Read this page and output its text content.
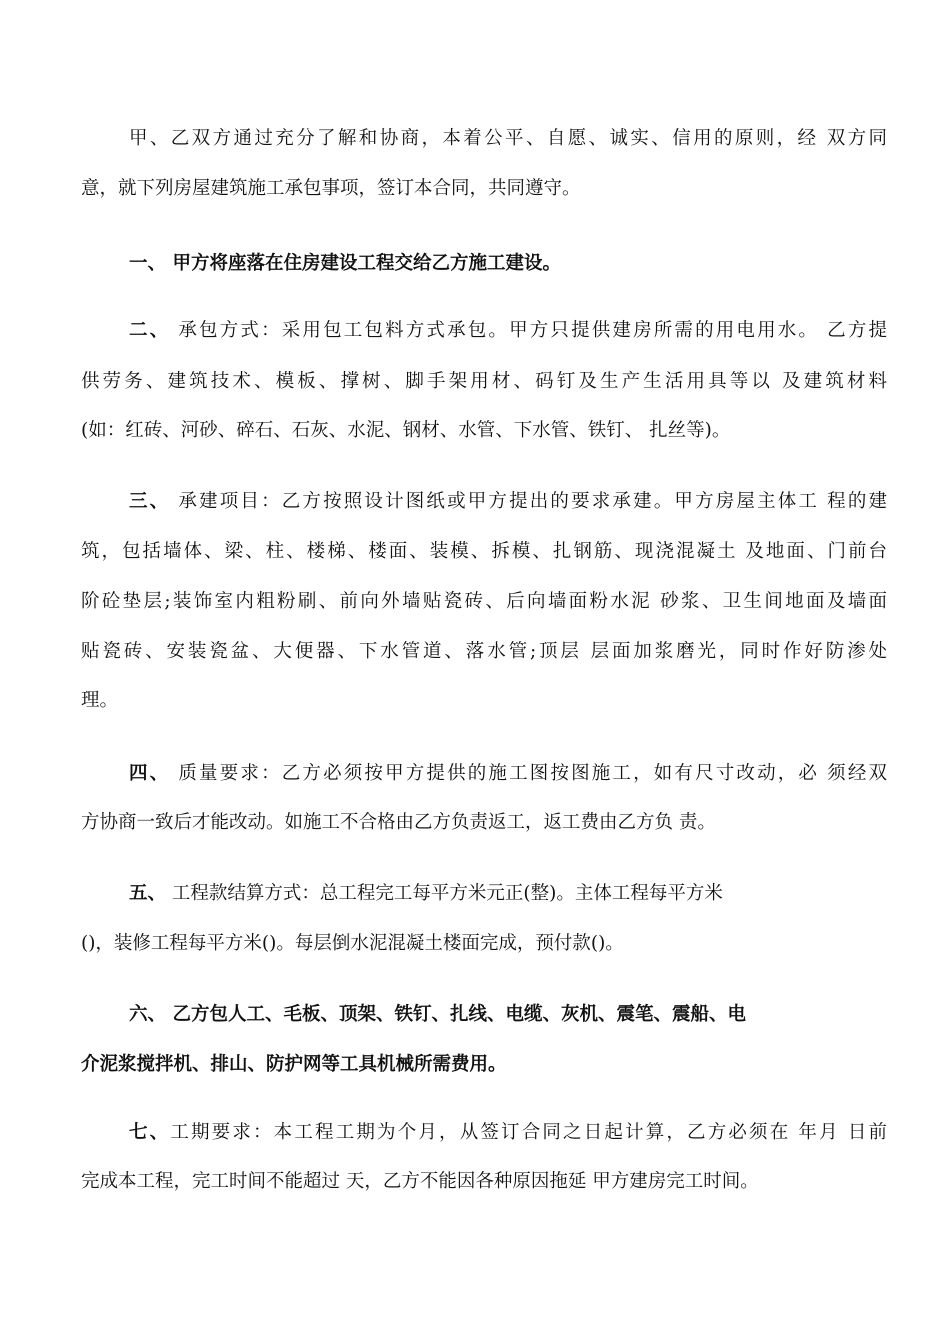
甲、乙双方通过充分了解和协商，本着公平、自愿、诚实、信用的原则，经 双方同
意，就下列房屋建筑施工承包事项，签订本合同，共同遵守。
一、 甲方将座落在住房建设工程交给乙方施工建设。
二、 承包方式：采用包工包料方式承包。甲方只提供建房所需的用电用水。 乙方提
供劳务、建筑技术、模板、撑树、脚手架用材、码钉及生产生活用具等以 及建筑材料
(如：红砖、河砂、碎石、石灰、水泥、钢材、水管、下水管、铁钉、 扎丝等)。
三、 承建项目：乙方按照设计图纸或甲方提出的要求承建。甲方房屋主体工 程的建
筑，包括墙体、梁、柱、楼梯、楼面、装模、拆模、扎钢筋、现浇混凝土 及地面、门前台
阶砼垫层;装饰室内粗粉刷、前向外墙贴瓷砖、后向墙面粉水泥 砂浆、卫生间地面及墙面
贴瓷砖、安装瓷盆、大便器、下水管道、落水管;顶层 层面加浆磨光，同时作好防渗处
理。
四、 质量要求：乙方必须按甲方提供的施工图按图施工，如有尺寸改动，必 须经双
方协商一致后才能改动。如施工不合格由乙方负责返工，返工费由乙方负 责。
五、 工程款结算方式：总工程完工每平方米元正(整)。主体工程每平方米
()，装修工程每平方米()。每层倒水泥混凝土楼面完成，预付款()。
六、 乙方包人工、毛板、顶架、铁钉、扎线、电缆、灰机、震笔、震船、电
介泥浆搅拌机、排山、防护网等工具机械所需费用。
七、工期要求：本工程工期为个月，从签订合同之日起计算，乙方必须在 年月 日前
完成本工程，完工时间不能超过 天，乙方不能因各种原因拖延 甲方建房完工时间。
